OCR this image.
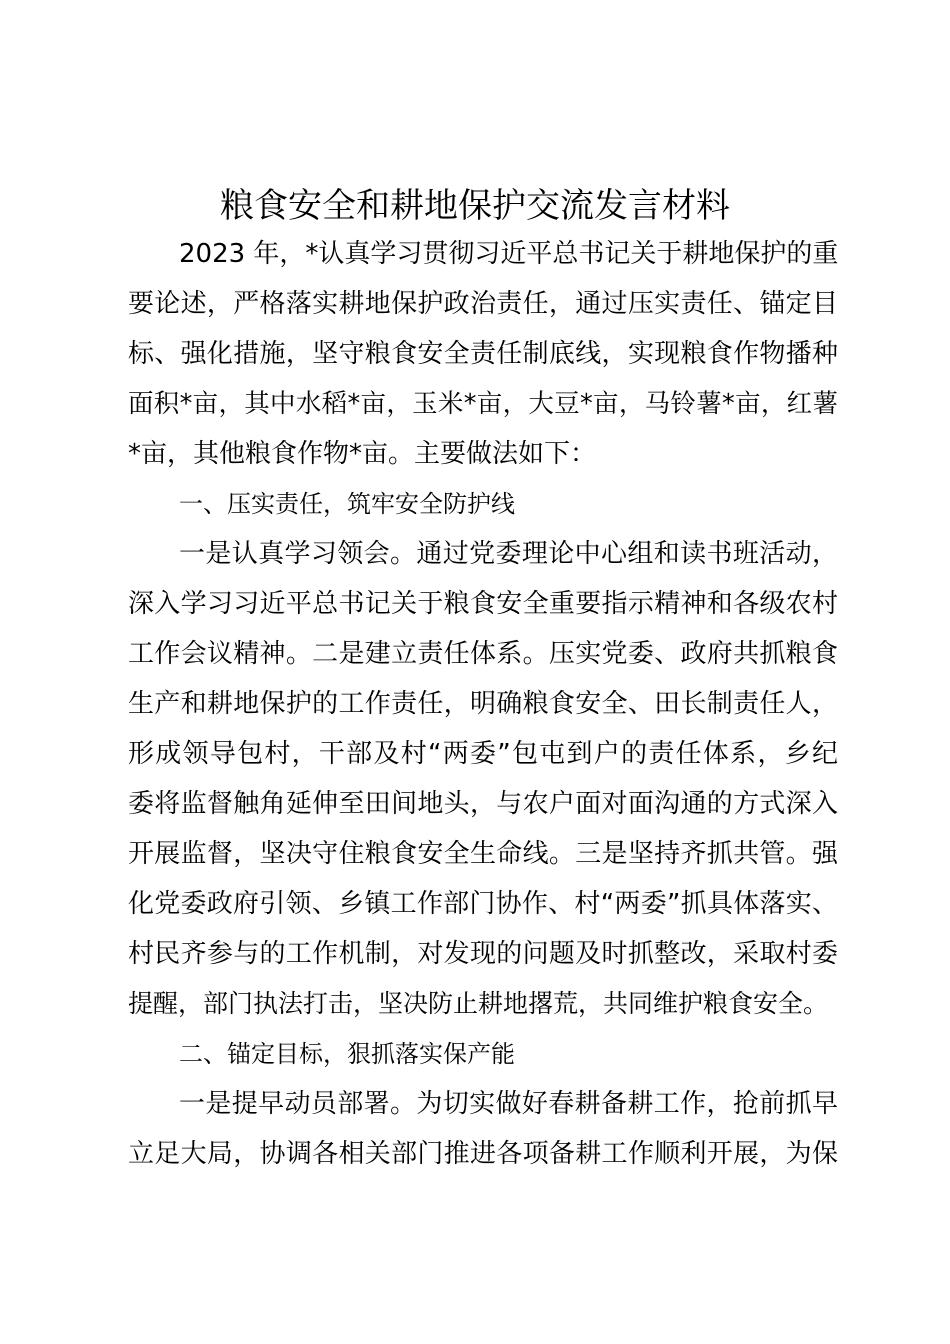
粮食安全和耕地保护交流发言材料
2023 年，*认真学习贯彻习近平总书记关于耕地保护的重
要论述，严格落实耕地保护政治责任，通过压实责任、锚定目
标、强化措施，坚守粮食安全责任制底线，实现粮食作物播种
面积*亩，其中水稻*亩，玉米*亩，大豆*亩，马铃薯*亩，红薯
*亩，其他粮食作物*亩。主要做法如下：
一、压实责任，筑牢安全防护线
一是认真学习领会。通过党委理论中心组和读书班活动，
深入学习习近平总书记关于粮食安全重要指示精神和各级农村
工作会议精神。二是建立责任体系。压实党委、政府共抓粮食
生产和耕地保护的工作责任，明确粮食安全、田长制责任人，
形成领导包村，干部及村“两委”包屯到户的责任体系，乡纪
委将监督触角延伸至田间地头，与农户面对面沟通的方式深入
开展监督，坚决守住粮食安全生命线。三是坚持齐抓共管。强
化党委政府引领、乡镇工作部门协作、村“两委”抓具体落实、
村民齐参与的工作机制，对发现的问题及时抓整改，采取村委
提醒，部门执法打击，坚决防止耕地撂荒，共同维护粮食安全。
二、锚定目标，狠抓落实保产能
一是提早动员部署。为切实做好春耕备耕工作，抢前抓早
立足大局，协调各相关部门推进各项备耕工作顺利开展，为保
